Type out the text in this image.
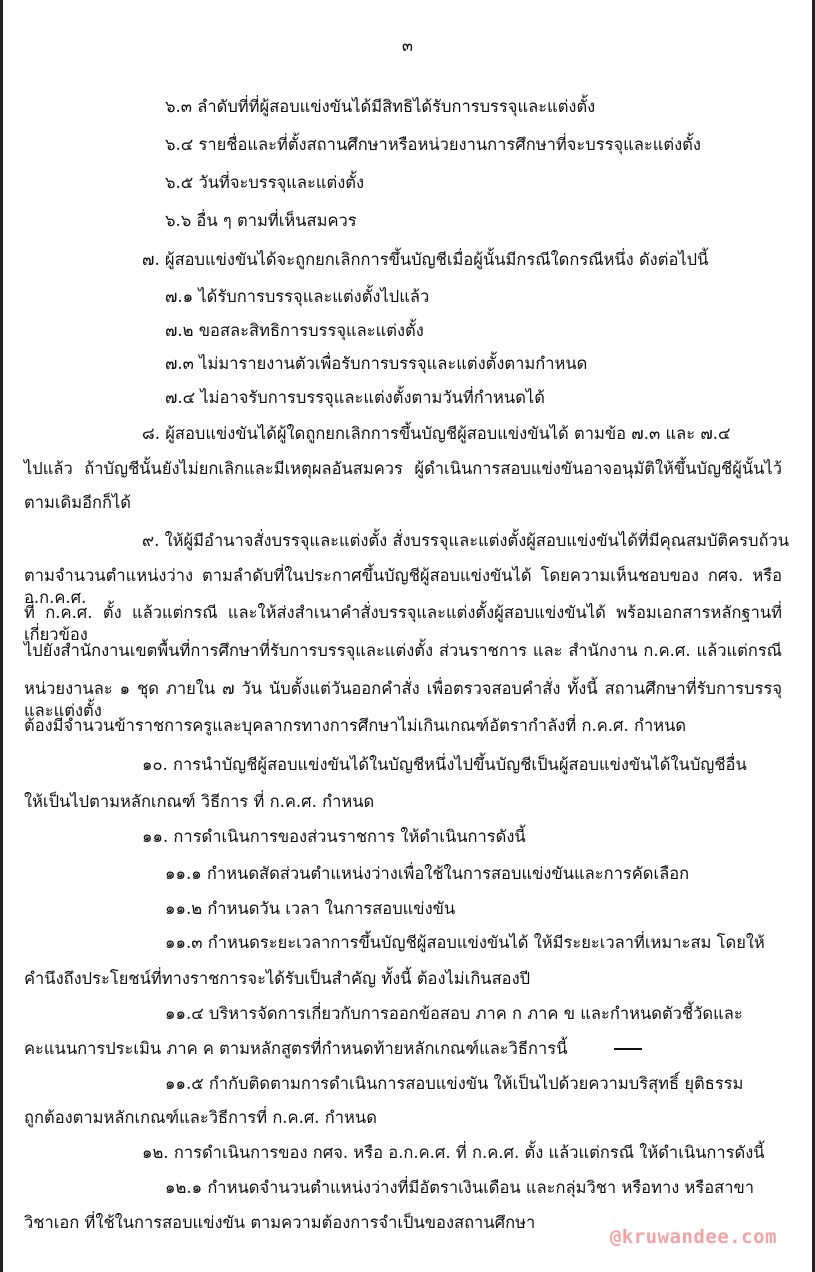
๓
๖.๓ ลำดับที่ที่ผู้สอบแข่งขันได้มีสิทธิได้รับการบรรจุและแต่งตั้ง
๖.๔ รายชื่อและที่ตั้งสถานศึกษาหรือหน่วยงานการศึกษาที่จะบรรจุและแต่งตั้ง
๖.๕ วันที่จะบรรจุและแต่งตั้ง
๖.๖ อื่น ๆ ตามที่เห็นสมควร
๗. ผู้สอบแข่งขันได้จะถูกยกเลิกการขึ้นบัญชีเมื่อผู้นั้นมีกรณีใดกรณีหนึ่ง ดังต่อไปนี้
๗.๑ ได้รับการบรรจุและแต่งตั้งไปแล้ว
๗.๒ ขอสละสิทธิการบรรจุและแต่งตั้ง
๗.๓ ไม่มารายงานตัวเพื่อรับการบรรจุและแต่งตั้งตามกำหนด
๗.๔ ไม่อาจรับการบรรจุและแต่งตั้งตามวันที่กำหนดได้
๘. ผู้สอบแข่งขันได้ผู้ใดถูกยกเลิกการขึ้นบัญชีผู้สอบแข่งขันได้ ตามข้อ ๗.๓ และ ๗.๔
ไปแล้ว ถ้าบัญชีนั้นยังไม่ยกเลิกและมีเหตุผลอันสมควร ผู้ดำเนินการสอบแข่งขันอาจอนุมัติให้ขึ้นบัญชีผู้นั้นไว้
ตามเดิมอีกก็ได้
๙. ให้ผู้มีอำนาจสั่งบรรจุและแต่งตั้ง สั่งบรรจุและแต่งตั้งผู้สอบแข่งขันได้ที่มีคุณสมบัติครบถ้วน
ตามจำนวนตำแหน่งว่าง ตามลำดับที่ในประกาศขึ้นบัญชีผู้สอบแข่งขันได้ โดยความเห็นชอบของ กศจ. หรือ อ.ก.ค.ศ.
ที่ ก.ค.ศ. ตั้ง แล้วแต่กรณี และให้ส่งสำเนาคำสั่งบรรจุและแต่งตั้งผู้สอบแข่งขันได้ พร้อมเอกสารหลักฐานที่เกี่ยวข้อง
ไปยังสำนักงานเขตพื้นที่การศึกษาที่รับการบรรจุและแต่งตั้ง ส่วนราชการ และ สำนักงาน ก.ค.ศ. แล้วแต่กรณี
หน่วยงานละ ๑ ชุด ภายใน ๗ วัน นับตั้งแต่วันออกคำสั่ง เพื่อตรวจสอบคำสั่ง ทั้งนี้ สถานศึกษาที่รับการบรรจุและแต่งตั้ง
ต้องมีจำนวนข้าราชการครูและบุคลากรทางการศึกษาไม่เกินเกณฑ์อัตรากำลังที่ ก.ค.ศ. กำหนด
๑๐. การนำบัญชีผู้สอบแข่งขันได้ในบัญชีหนึ่งไปขึ้นบัญชีเป็นผู้สอบแข่งขันได้ในบัญชีอื่น
ให้เป็นไปตามหลักเกณฑ์ วิธีการ ที่ ก.ค.ศ. กำหนด
๑๑. การดำเนินการของส่วนราชการ ให้ดำเนินการดังนี้
๑๑.๑ กำหนดสัดส่วนตำแหน่งว่างเพื่อใช้ในการสอบแข่งขันและการคัดเลือก
๑๑.๒ กำหนดวัน เวลา ในการสอบแข่งขัน
๑๑.๓ กำหนดระยะเวลาการขึ้นบัญชีผู้สอบแข่งขันได้ ให้มีระยะเวลาที่เหมาะสม โดยให้
คำนึงถึงประโยชน์ที่ทางราชการจะได้รับเป็นสำคัญ ทั้งนี้ ต้องไม่เกินสองปี
๑๑.๔ บริหารจัดการเกี่ยวกับการออกข้อสอบ ภาค ก ภาค ข และกำหนดตัวชี้วัดและ
คะแนนการประเมิน ภาค ค ตามหลักสูตรที่กำหนดท้ายหลักเกณฑ์และวิธีการนี้
๑๑.๕ กำกับติดตามการดำเนินการสอบแข่งขัน ให้เป็นไปด้วยความบริสุทธิ์ ยุติธรรม
ถูกต้องตามหลักเกณฑ์และวิธีการที่ ก.ค.ศ. กำหนด
๑๒. การดำเนินการของ กศจ. หรือ อ.ก.ค.ศ. ที่ ก.ค.ศ. ตั้ง แล้วแต่กรณี ให้ดำเนินการดังนี้
๑๒.๑ กำหนดจำนวนตำแหน่งว่างที่มีอัตราเงินเดือน และกลุ่มวิชา หรือทาง หรือสาขา
วิชาเอก ที่ใช้ในการสอบแข่งขัน ตามความต้องการจำเป็นของสถานศึกษา
@kruwandee.com
